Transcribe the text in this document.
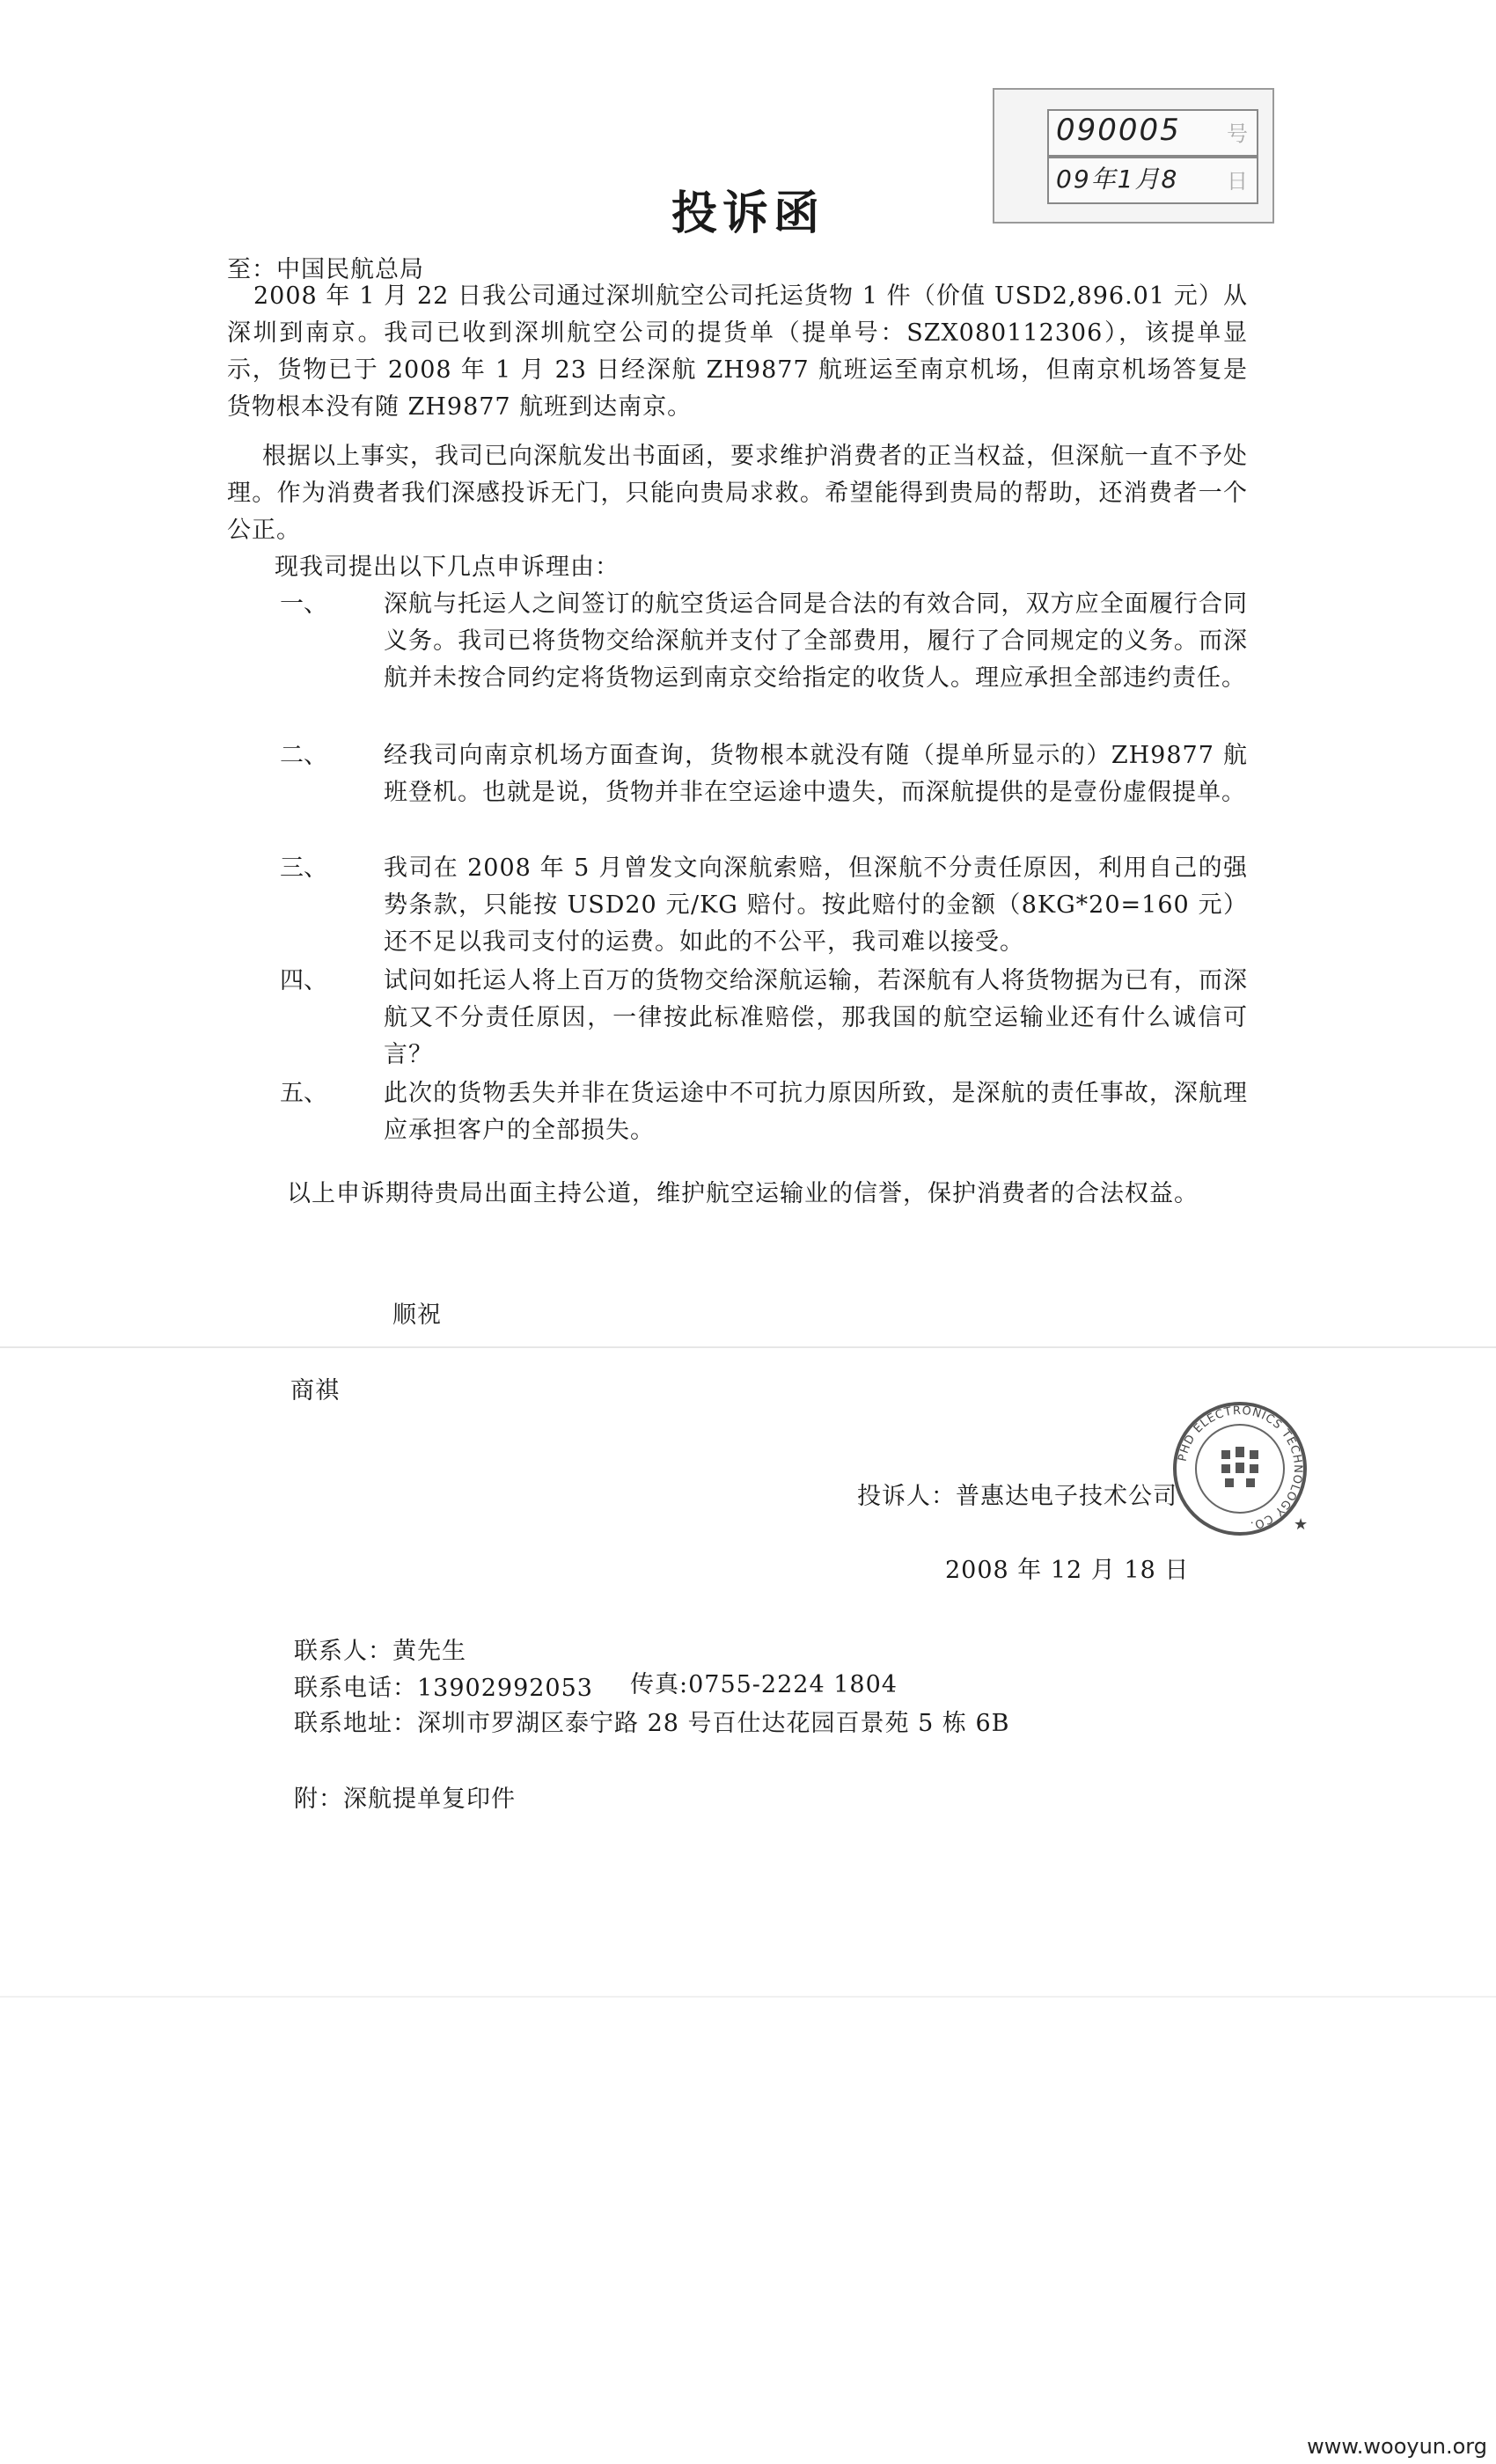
090005 号
09年1月8 日
投诉函
至：中国民航总局
2008 年 1 月 22 日我公司通过深圳航空公司托运货物 1 件（价值 USD2,896.01 元）从深圳到南京。我司已收到深圳航空公司的提货单（提单号：SZX080112306），该提单显示，货物已于 2008 年 1 月 23 日经深航 ZH9877 航班运至南京机场，但南京机场答复是货物根本没有随 ZH9877 航班到达南京。
根据以上事实，我司已向深航发出书面函，要求维护消费者的正当权益，但深航一直不予处理。作为消费者我们深感投诉无门，只能向贵局求救。希望能得到贵局的帮助，还消费者一个公正。
现我司提出以下几点申诉理由：
一、 深航与托运人之间签订的航空货运合同是合法的有效合同，双方应全面履行合同义务。我司已将货物交给深航并支付了全部费用，履行了合同规定的义务。而深航并未按合同约定将货物运到南京交给指定的收货人。理应承担全部违约责任。
二、 经我司向南京机场方面查询，货物根本就没有随（提单所显示的）ZH9877 航班登机。也就是说，货物并非在空运途中遗失，而深航提供的是壹份虚假提单。
三、 我司在 2008 年 5 月曾发文向深航索赔，但深航不分责任原因，利用自己的强势条款，只能按 USD20 元/KG 赔付。按此赔付的金额（8KG*20=160 元）还不足以我司支付的运费。如此的不公平，我司难以接受。
四、 试问如托运人将上百万的货物交给深航运输，若深航有人将货物据为已有，而深航又不分责任原因，一律按此标准赔偿，那我国的航空运输业还有什么诚信可言？
五、 此次的货物丢失并非在货运途中不可抗力原因所致，是深航的责任事故，深航理应承担客户的全部损失。
以上申诉期待贵局出面主持公道，维护航空运输业的信誉，保护消费者的合法权益。
顺祝
商祺
投诉人：普惠达电子技术公司
PHD ELECTRONICS TECHNOLOGY CO.	★
2008 年 12 月 18 日
联系人：黄先生
联系电话：13902992053 传真:0755-2224 1804
联系地址：深圳市罗湖区泰宁路 28 号百仕达花园百景苑 5 栋 6B
附：深航提单复印件
www.wooyun.org
